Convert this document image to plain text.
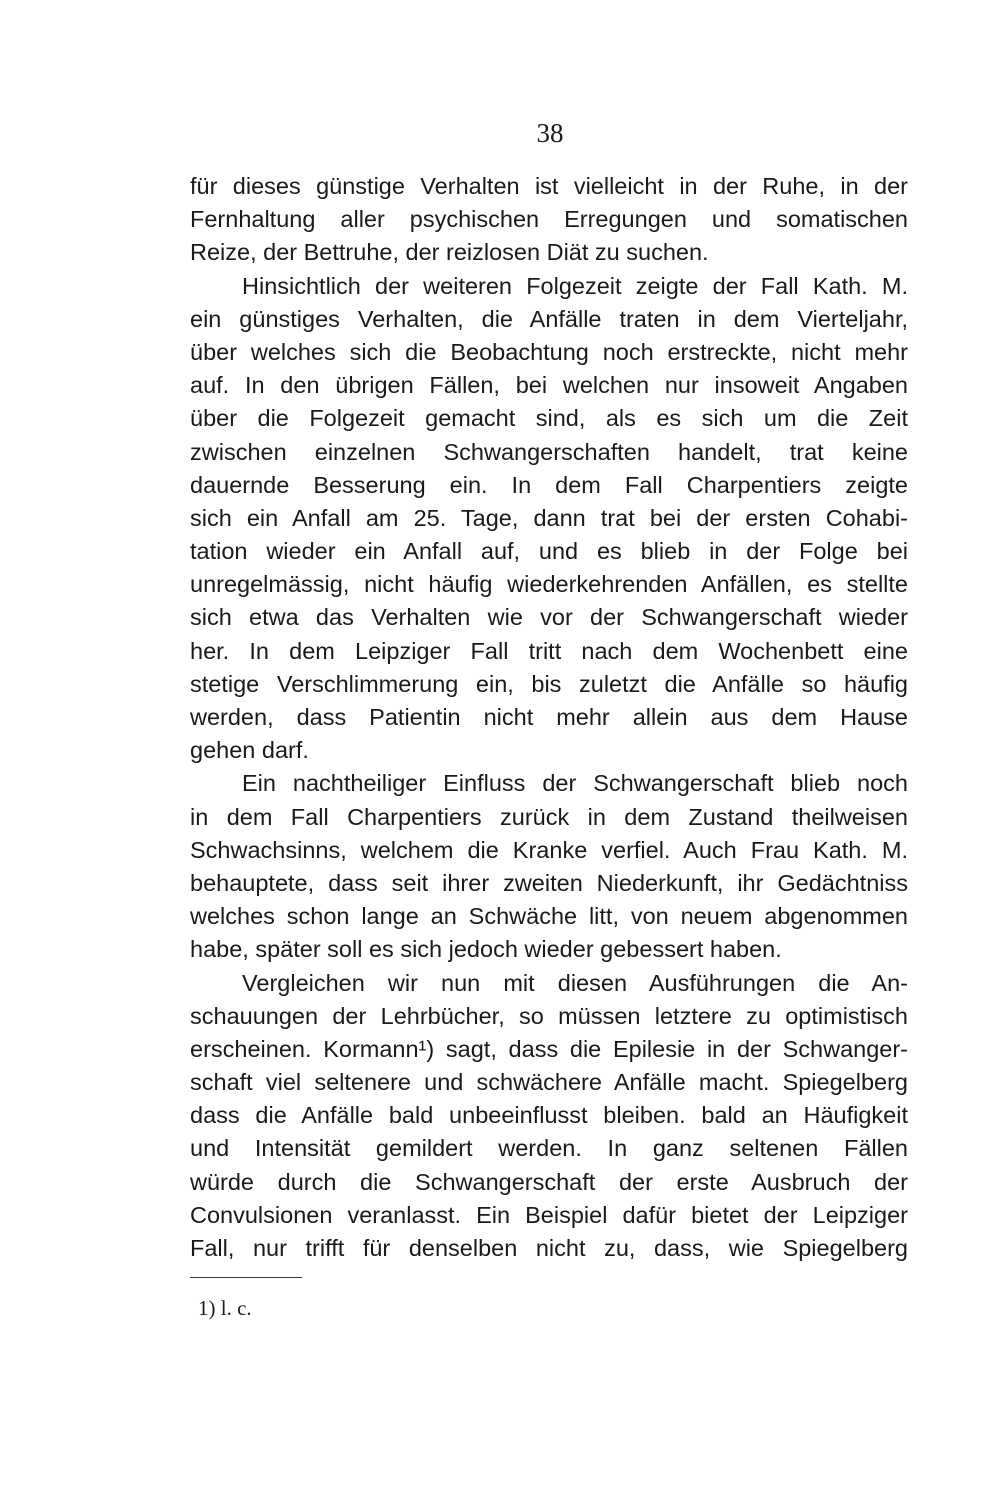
38
für dieses günstige Verhalten ist vielleicht in der Ruhe, in der
Fernhaltung aller psychischen Erregungen und somatischen
Reize, der Bettruhe, der reizlosen Diät zu suchen.
Hinsichtlich der weiteren Folgezeit zeigte der Fall Kath. M.
ein günstiges Verhalten, die Anfälle traten in dem Vierteljahr,
über welches sich die Beobachtung noch erstreckte, nicht mehr
auf. In den übrigen Fällen, bei welchen nur insoweit Angaben
über die Folgezeit gemacht sind, als es sich um die Zeit
zwischen einzelnen Schwangerschaften handelt, trat keine
dauernde Besserung ein. In dem Fall Charpentiers zeigte
sich ein Anfall am 25. Tage, dann trat bei der ersten Cohabi-
tation wieder ein Anfall auf, und es blieb in der Folge bei
unregelmässig, nicht häufig wiederkehrenden Anfällen, es stellte
sich etwa das Verhalten wie vor der Schwangerschaft wieder
her. In dem Leipziger Fall tritt nach dem Wochenbett eine
stetige Verschlimmerung ein, bis zuletzt die Anfälle so häufig
werden, dass Patientin nicht mehr allein aus dem Hause
gehen darf.
Ein nachtheiliger Einfluss der Schwangerschaft blieb noch
in dem Fall Charpentiers zurück in dem Zustand theilweisen
Schwachsinns, welchem die Kranke verfiel. Auch Frau Kath. M.
behauptete, dass seit ihrer zweiten Niederkunft, ihr Gedächtniss
welches schon lange an Schwäche litt, von neuem abgenommen
habe, später soll es sich jedoch wieder gebessert haben.
Vergleichen wir nun mit diesen Ausführungen die An-
schauungen der Lehrbücher, so müssen letztere zu optimistisch
erscheinen. Kormann¹) sagt, dass die Epilesie in der Schwanger-
schaft viel seltenere und schwächere Anfälle macht. Spiegelberg
dass die Anfälle bald unbeeinflusst bleiben. bald an Häufigkeit
und Intensität gemildert werden. In ganz seltenen Fällen
würde durch die Schwangerschaft der erste Ausbruch der
Convulsionen veranlasst. Ein Beispiel dafür bietet der Leipziger
Fall, nur trifft für denselben nicht zu, dass, wie Spiegelberg
1) l. c.
